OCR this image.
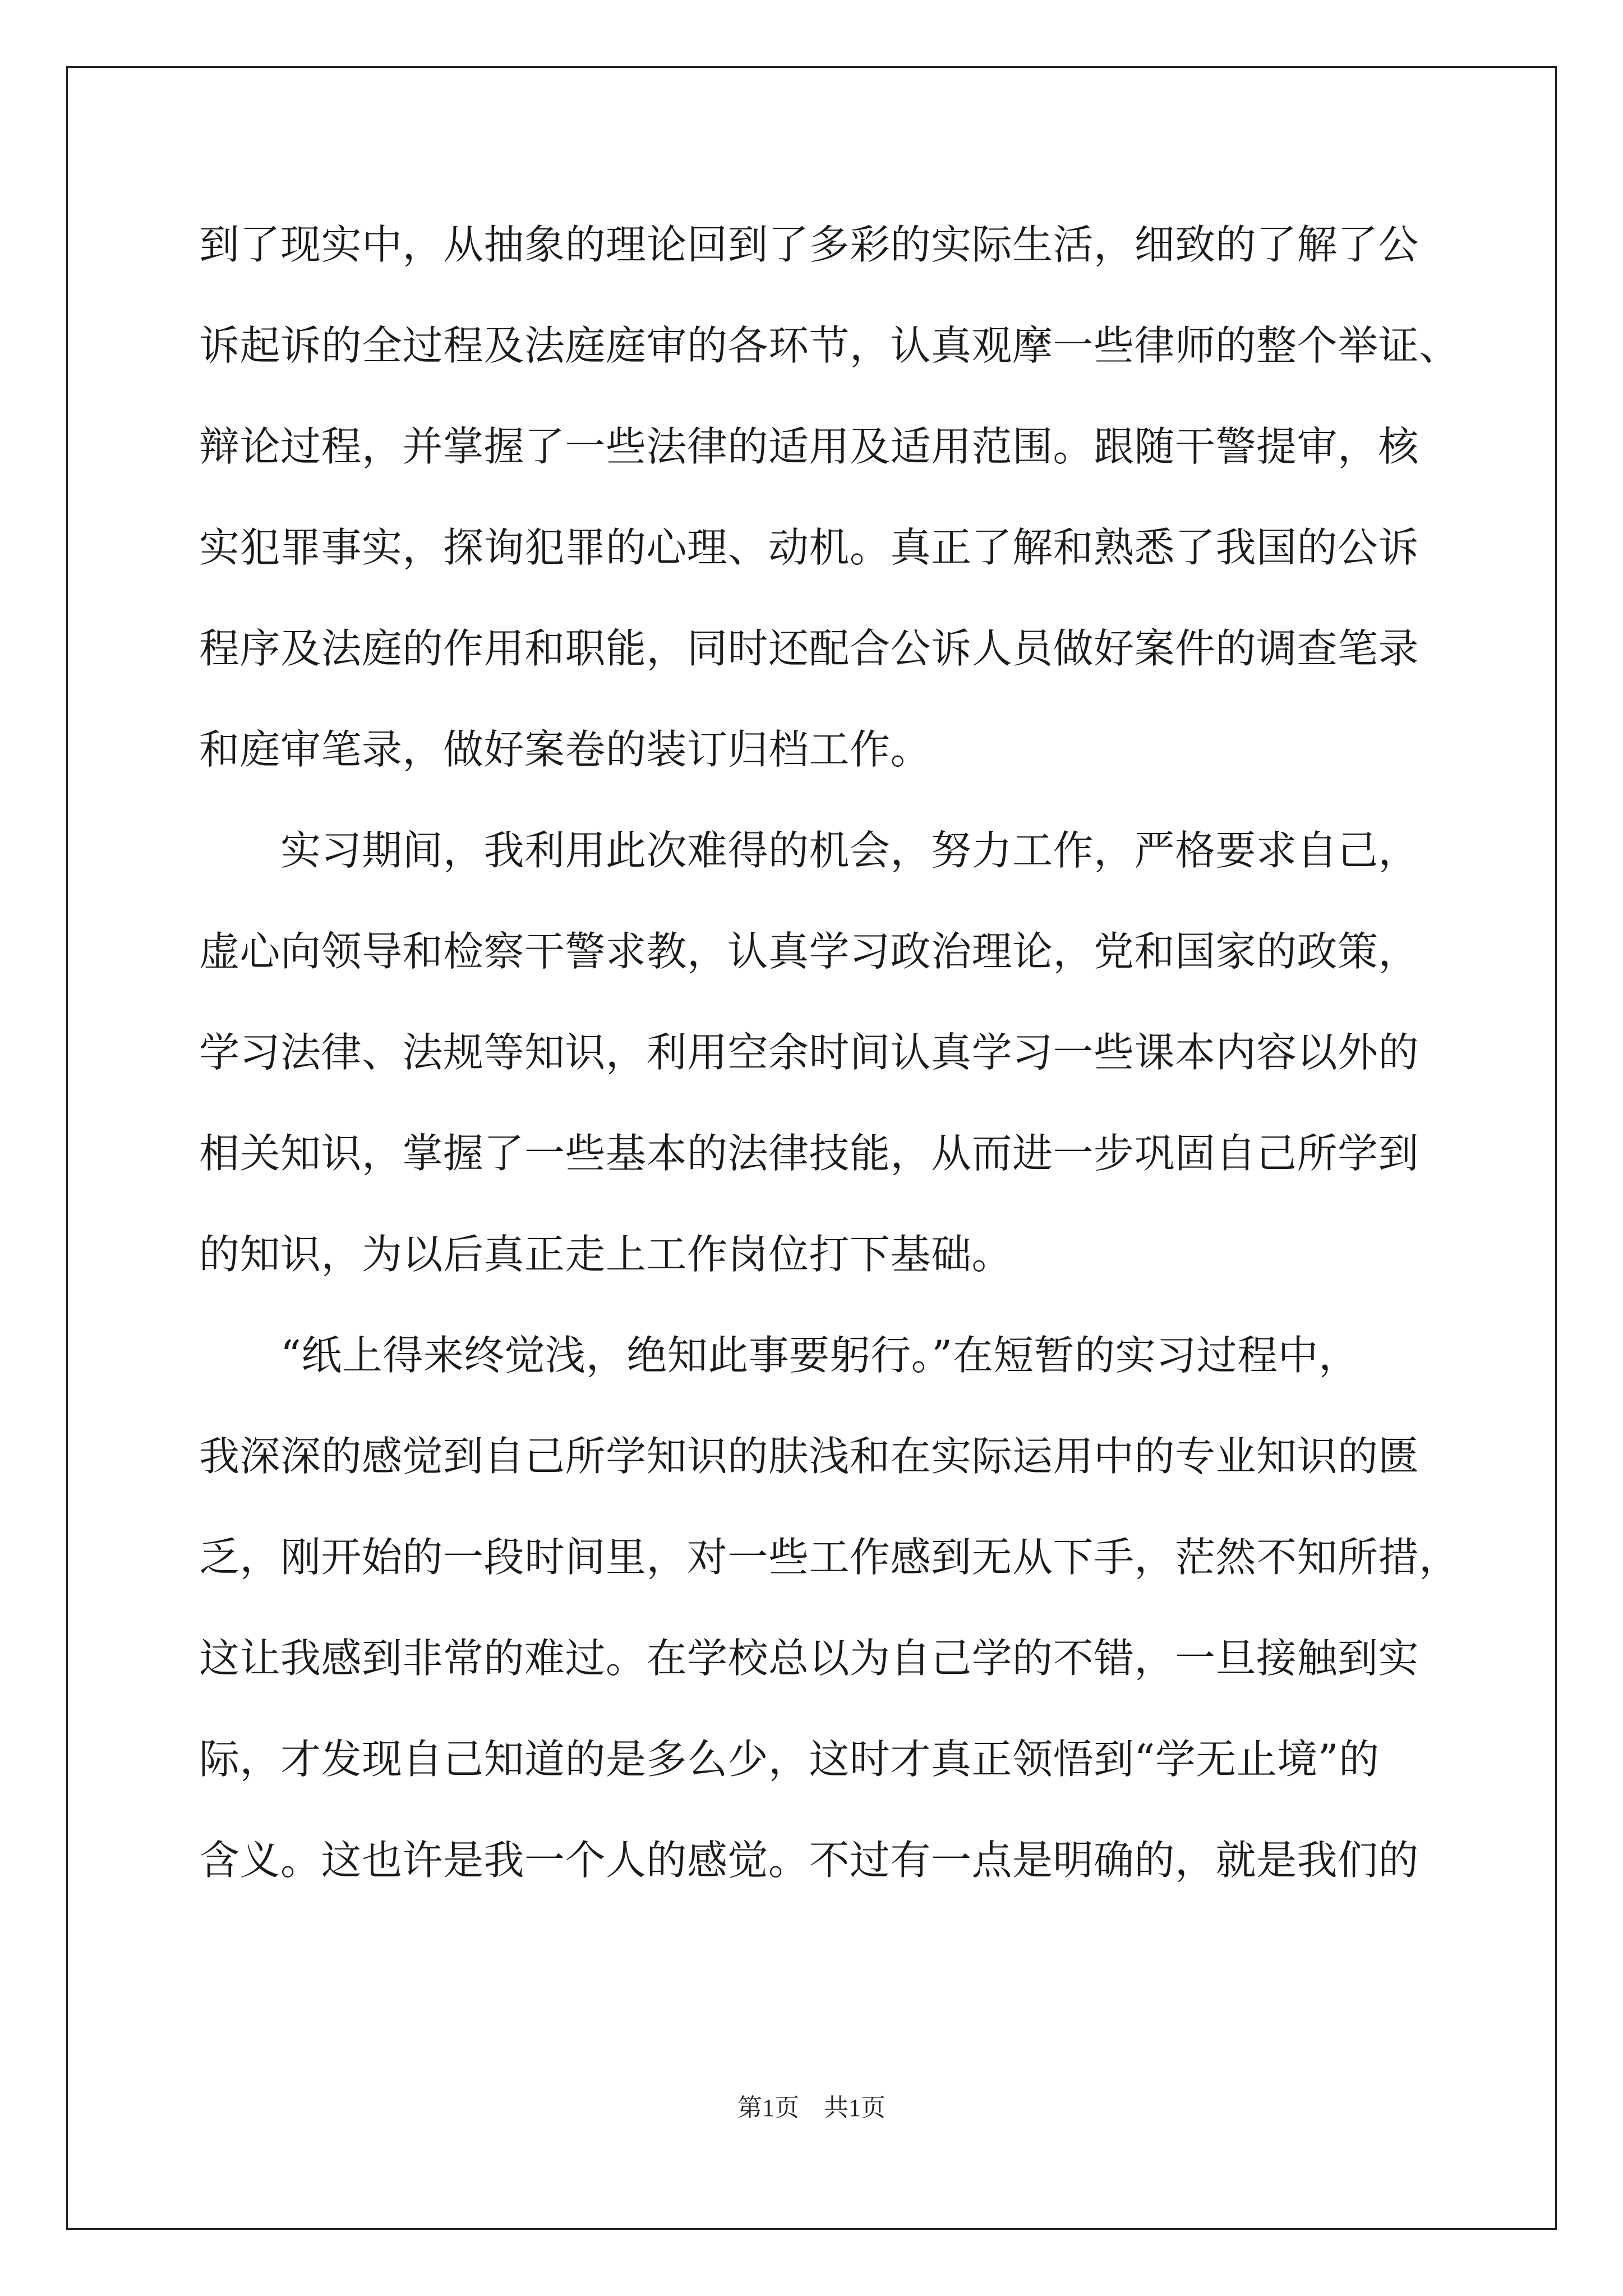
到了现实中，从抽象的理论回到了多彩的实际生活，细致的了解了公
诉起诉的全过程及法庭庭审的各环节，认真观摩一些律师的整个举证、
辩论过程，并掌握了一些法律的适用及适用范围。跟随干警提审，核
实犯罪事实，探询犯罪的心理、动机。真正了解和熟悉了我国的公诉
程序及法庭的作用和职能，同时还配合公诉人员做好案件的调查笔录
和庭审笔录，做好案卷的装订归档工作。
实习期间，我利用此次难得的机会，努力工作，严格要求自己，
虚心向领导和检察干警求教，认真学习政治理论，党和国家的政策，
学习法律、法规等知识，利用空余时间认真学习一些课本内容以外的
相关知识，掌握了一些基本的法律技能，从而进一步巩固自己所学到
的知识，为以后真正走上工作岗位打下基础。
“纸上得来终觉浅，绝知此事要躬行。”在短暂的实习过程中，
我深深的感觉到自己所学知识的肤浅和在实际运用中的专业知识的匮
乏，刚开始的一段时间里，对一些工作感到无从下手，茫然不知所措，
这让我感到非常的难过。在学校总以为自己学的不错，一旦接触到实
际，才发现自己知道的是多么少，这时才真正领悟到“学无止境”的
含义。这也许是我一个人的感觉。不过有一点是明确的，就是我们的
第1页　共1页
